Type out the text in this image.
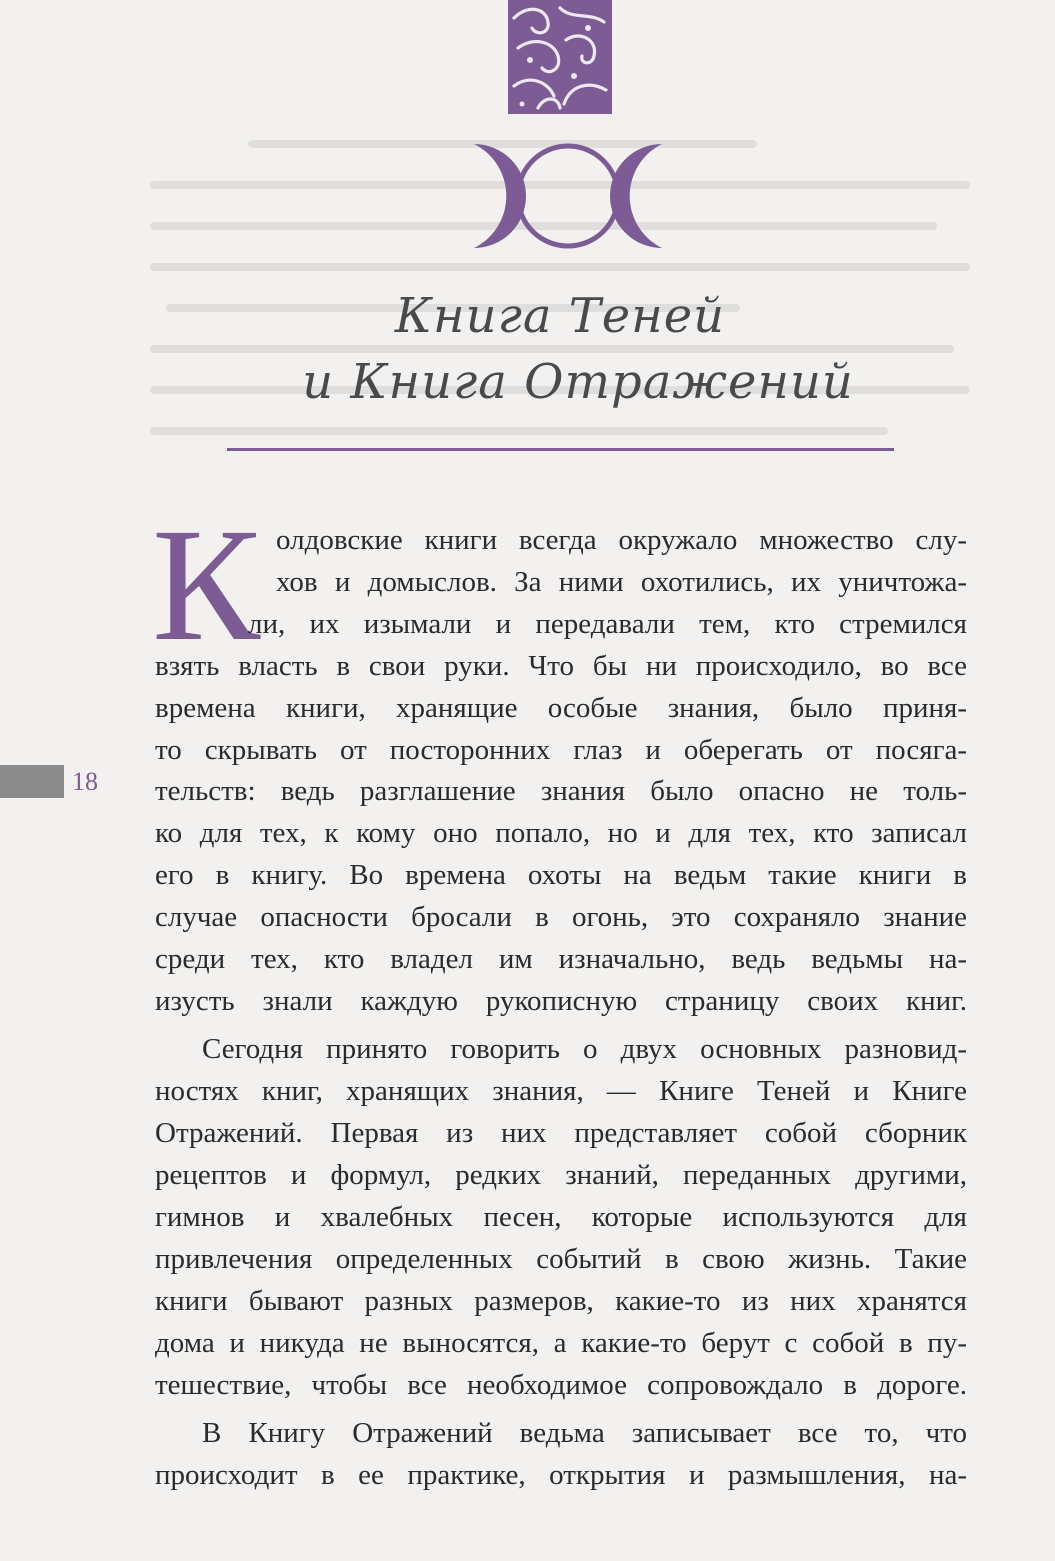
Книга Теней
и Книга Отражений
К
18
олдовские книги всегда окружало множество слу-
хов и домыслов. За ними охотились, их уничтожа-
ли, их изымали и передавали тем, кто стремился
взять власть в свои руки. Что бы ни происходило, во все
времена книги, хранящие особые знания, было приня-
то скрывать от посторонних глаз и оберегать от посяга-
тельств: ведь разглашение знания было опасно не толь-
ко для тех, к кому оно попало, но и для тех, кто записал
его в книгу. Во времена охоты на ведьм такие книги в
случае опасности бросали в огонь, это сохраняло знание
среди тех, кто владел им изначально, ведь ведьмы на-
изусть знали каждую рукописную страницу своих книг.
Сегодня принято говорить о двух основных разновид-
ностях книг, хранящих знания, — Книге Теней и Книге
Отражений. Первая из них представляет собой сборник
рецептов и формул, редких знаний, переданных другими,
гимнов и хвалебных песен, которые используются для
привлечения определенных событий в свою жизнь. Такие
книги бывают разных размеров, какие-то из них хранятся
дома и никуда не выносятся, а какие-то берут с собой в пу-
тешествие, чтобы все необходимое сопровождало в дороге.
В Книгу Отражений ведьма записывает все то, что
происходит в ее практике, открытия и размышления, на-
